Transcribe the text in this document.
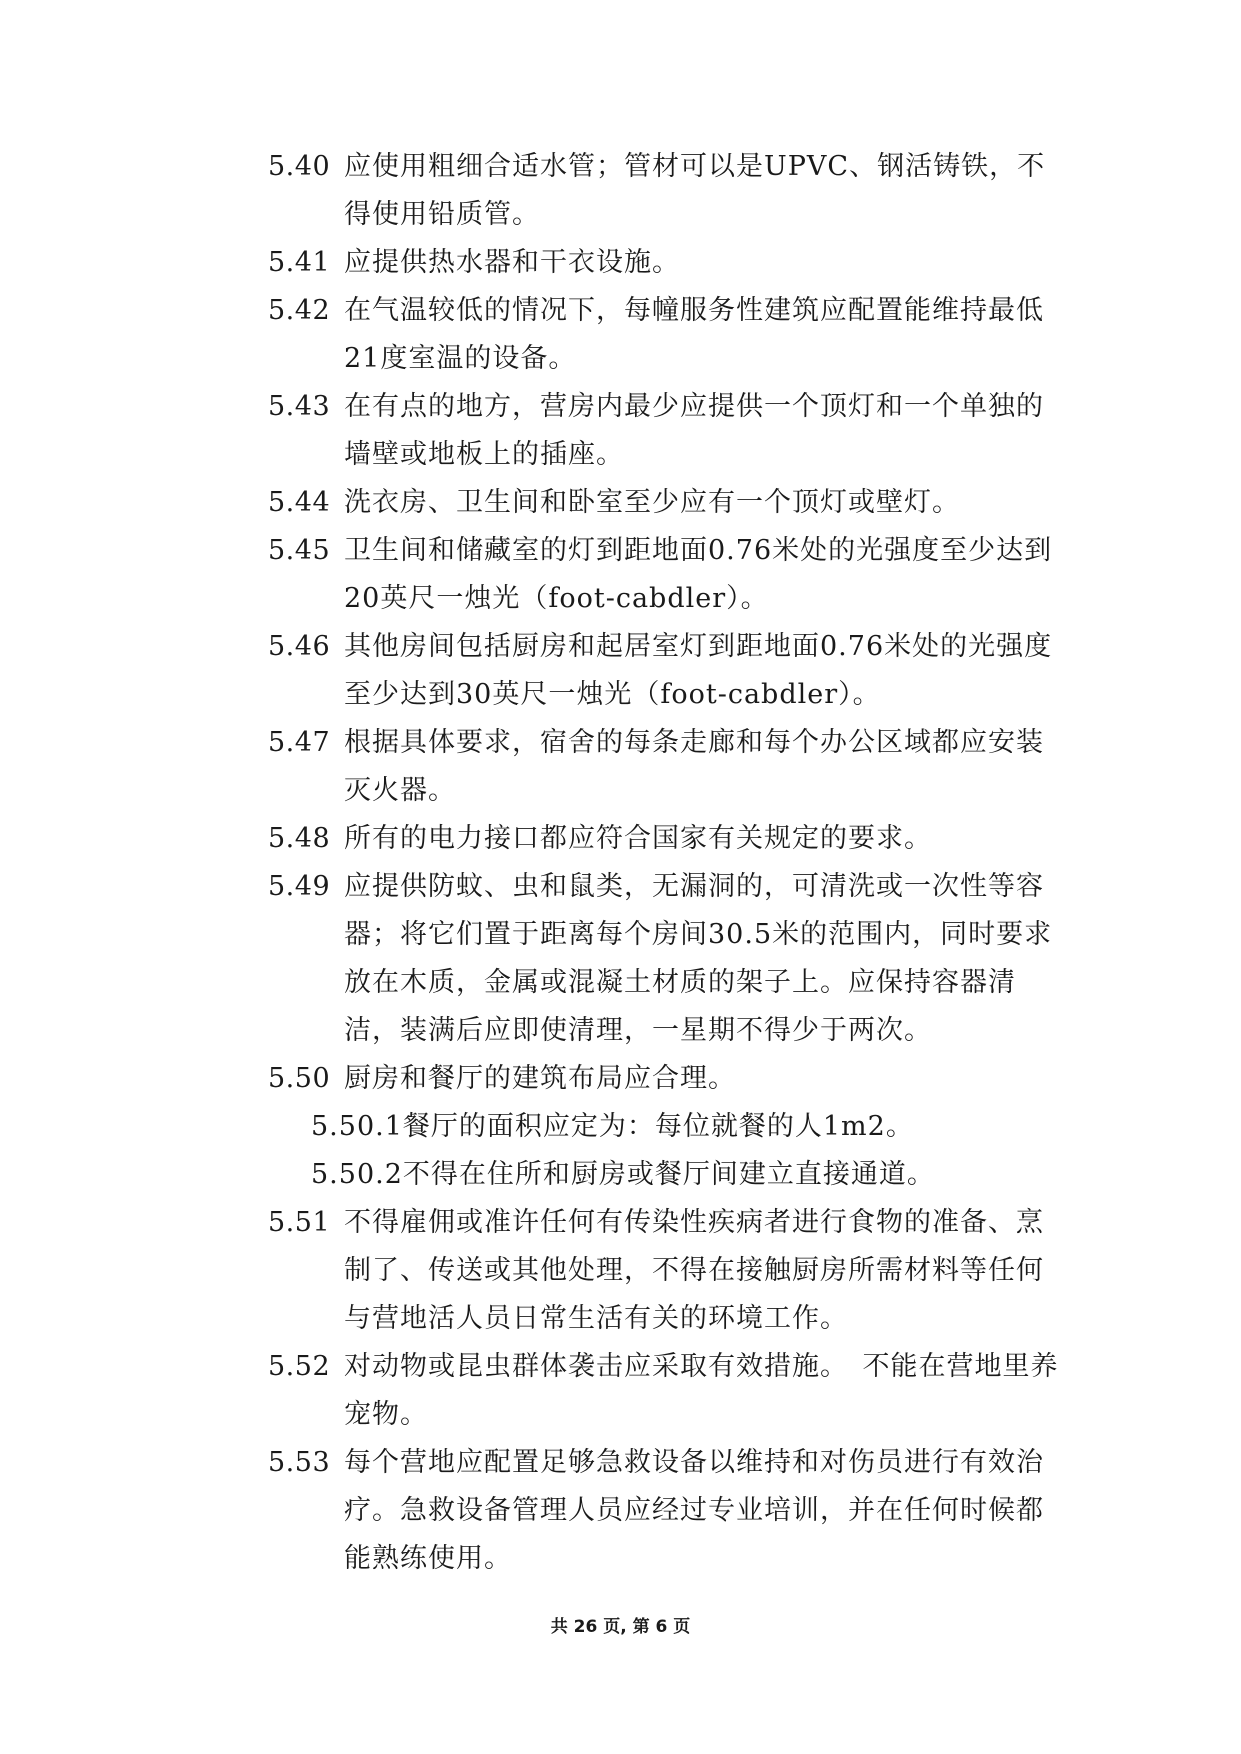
5.40 应使用粗细合适水管；管材可以是UPVC、钢活铸铁，不得使用铅质管。
5.41 应提供热水器和干衣设施。
5.42 在气温较低的情况下，每幢服务性建筑应配置能维持最低21度室温的设备。
5.43 在有点的地方，营房内最少应提供一个顶灯和一个单独的墙壁或地板上的插座。
5.44 洗衣房、卫生间和卧室至少应有一个顶灯或壁灯。
5.45 卫生间和储藏室的灯到距地面0.76米处的光强度至少达到20英尺一烛光（foot-cabdler）。
5.46 其他房间包括厨房和起居室灯到距地面0.76米处的光强度至少达到30英尺一烛光（foot-cabdler）。
5.47 根据具体要求，宿舍的每条走廊和每个办公区域都应安装灭火器。
5.48 所有的电力接口都应符合国家有关规定的要求。
5.49 应提供防蚊、虫和鼠类，无漏洞的，可清洗或一次性等容器；将它们置于距离每个房间30.5米的范围内，同时要求放在木质，金属或混凝土材质的架子上。应保持容器清洁，装满后应即使清理，一星期不得少于两次。
5.50 厨房和餐厅的建筑布局应合理。
5.50.1餐厅的面积应定为：每位就餐的人1m2。
5.50.2不得在住所和厨房或餐厅间建立直接通道。
5.51 不得雇佣或准许任何有传染性疾病者进行食物的准备、烹制了、传送或其他处理，不得在接触厨房所需材料等任何与营地活人员日常生活有关的环境工作。
5.52 对动物或昆虫群体袭击应采取有效措施。　不能在营地里养宠物。
5.53 每个营地应配置足够急救设备以维持和对伤员进行有效治疗。急救设备管理人员应经过专业培训，并在任何时候都能熟练使用。
共 26 页, 第 6 页
